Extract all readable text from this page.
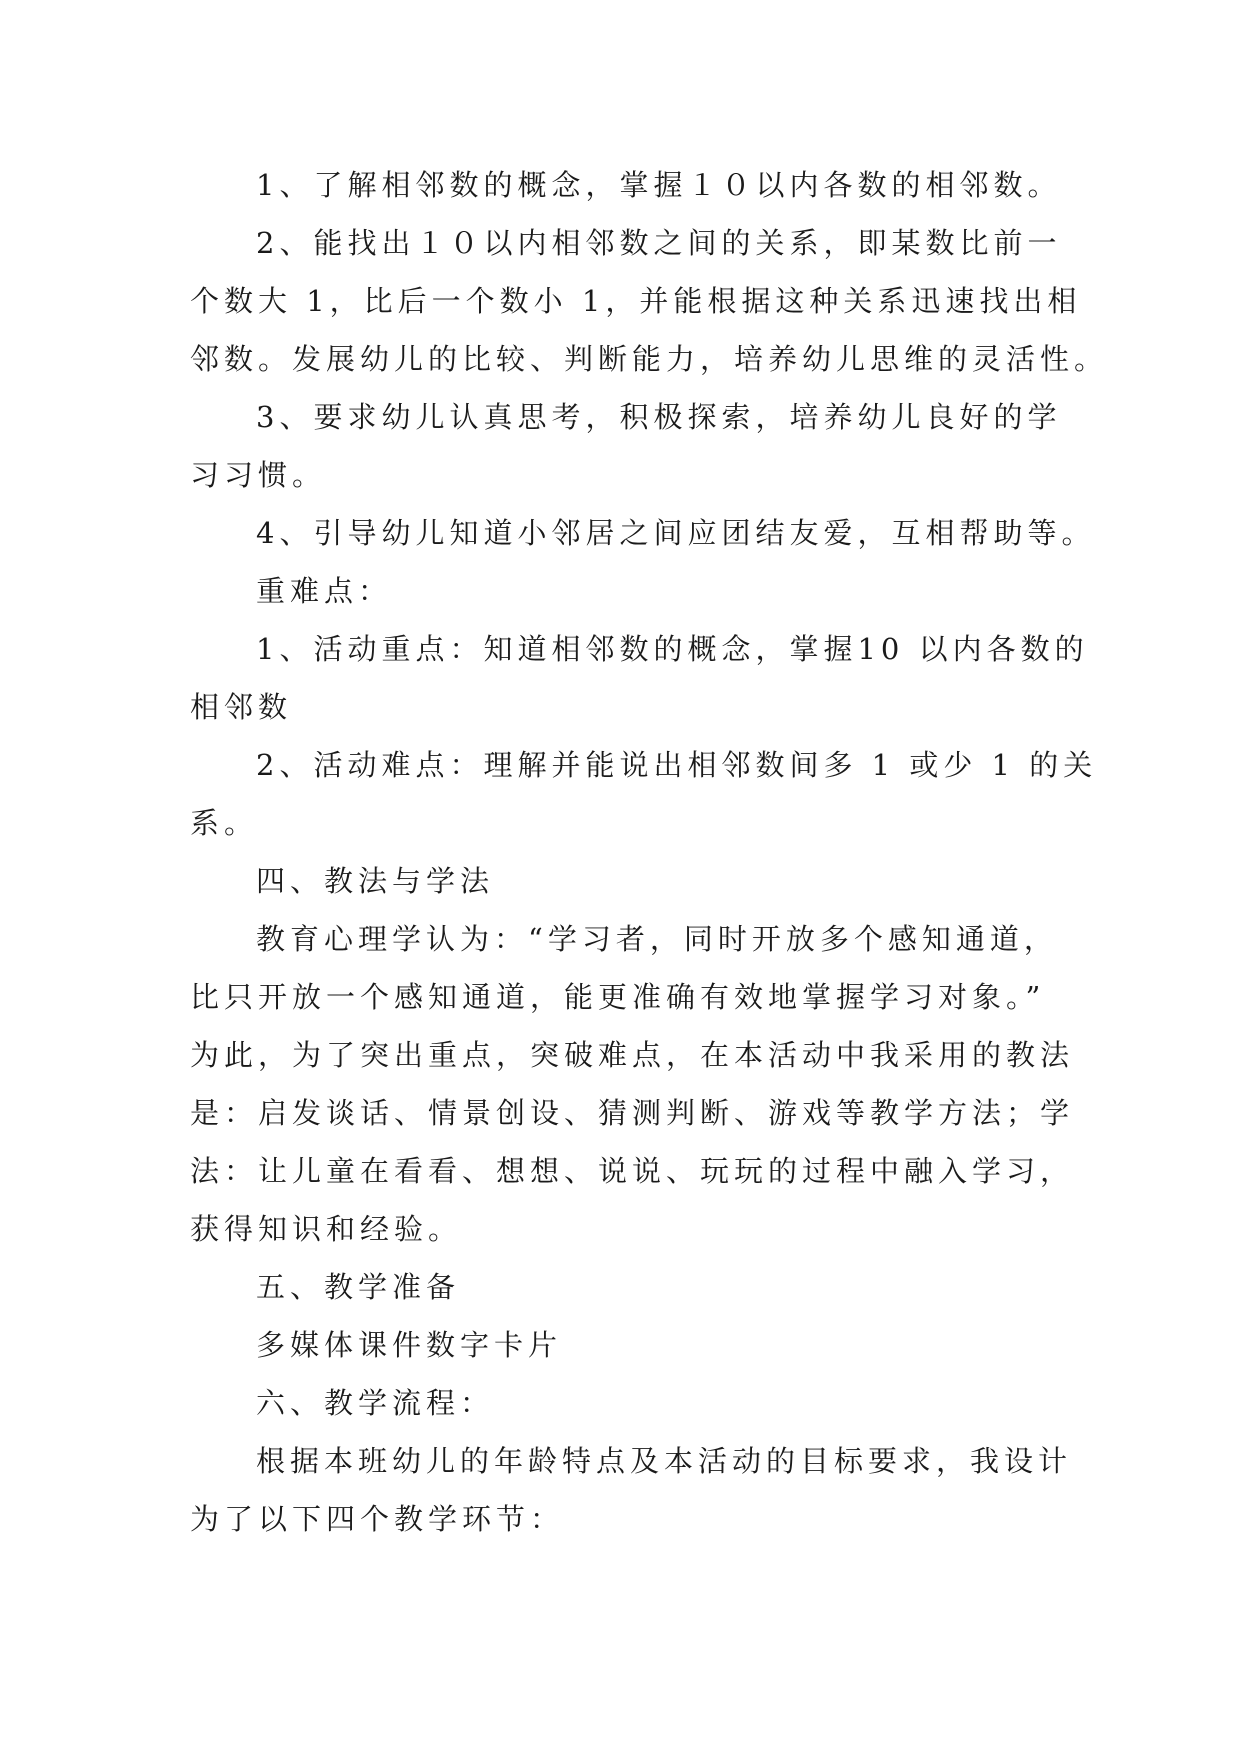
1、了解相邻数的概念，掌握１０以内各数的相邻数。
2、能找出１０以内相邻数之间的关系，即某数比前一
个数大 1，比后一个数小 1，并能根据这种关系迅速找出相
邻数。发展幼儿的比较、判断能力，培养幼儿思维的灵活性。
3、要求幼儿认真思考，积极探索，培养幼儿良好的学
习习惯。
4、引导幼儿知道小邻居之间应团结友爱，互相帮助等。
重难点：
1、活动重点：知道相邻数的概念，掌握10 以内各数的
相邻数
2、活动难点：理解并能说出相邻数间多 1 或少 1 的关
系。
四、教法与学法
教育心理学认为：“学习者，同时开放多个感知通道，
比只开放一个感知通道，能更准确有效地掌握学习对象。”
为此，为了突出重点，突破难点，在本活动中我采用的教法
是：启发谈话、情景创设、猜测判断、游戏等教学方法；学
法：让儿童在看看、想想、说说、玩玩的过程中融入学习，
获得知识和经验。
五、教学准备
多媒体课件数字卡片
六、教学流程：
根据本班幼儿的年龄特点及本活动的目标要求，我设计
为了以下四个教学环节：
